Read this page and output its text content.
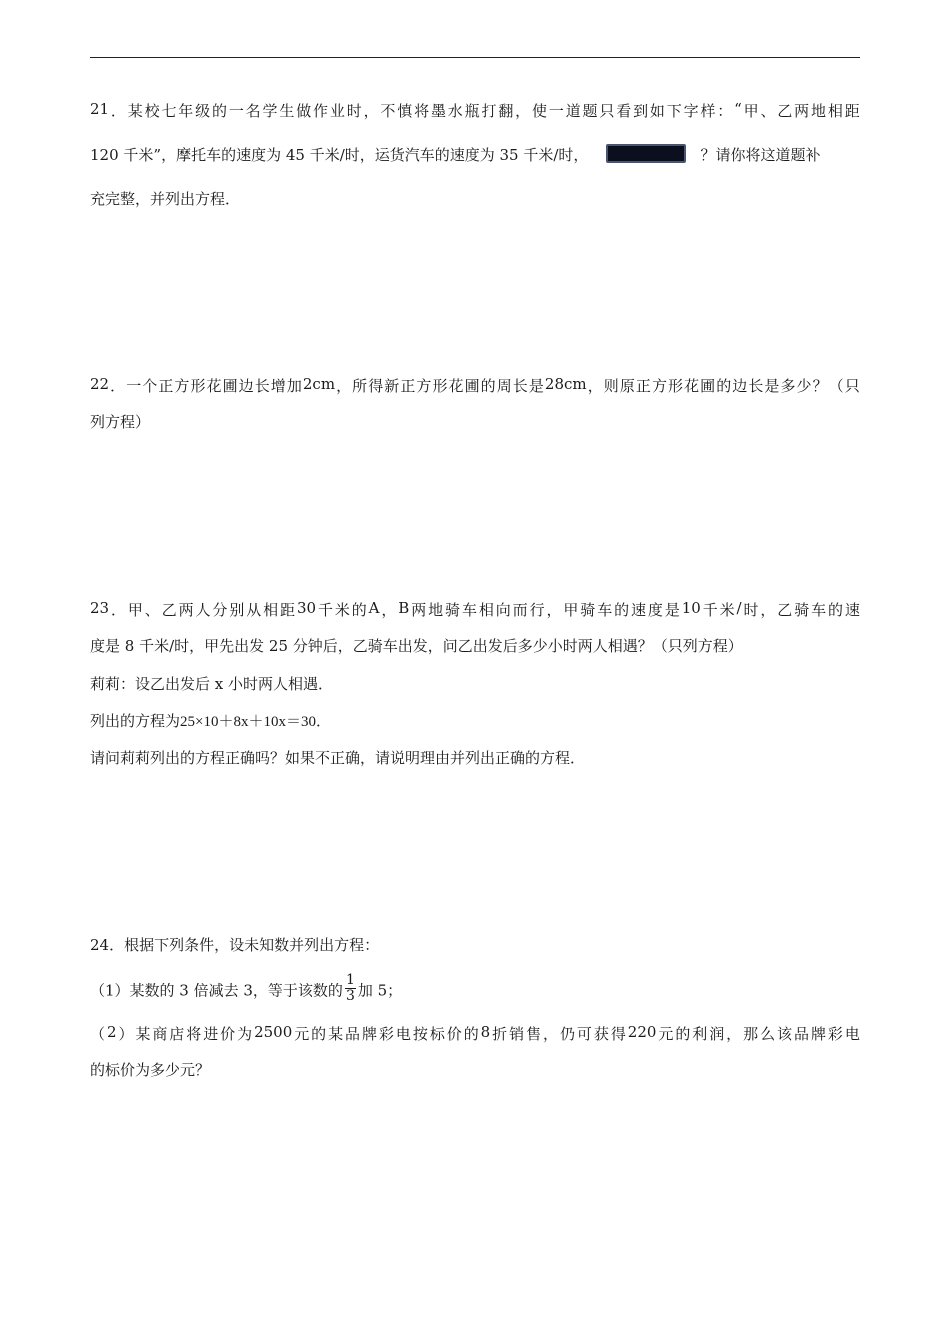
21 ． 某 校 七 年 级 的 一 名 学 生 做 作 业 时 ， 不 慎 将 墨 水 瓶 打 翻 ， 使 一 道 题 只 看 到 如 下 字 样 ： “ 甲 、 乙 两 地 相 距
120 千米”，摩托车的速度为 45 千米/时，运货汽车的速度为 35 千米/时，	？请你将这道题补
充完整，并列出方程．
22 ． 一 个 正 方 形 花 圃 边 长 增 加 2cm ， 所 得 新 正 方 形 花 圃 的 周 长 是 28cm ， 则 原 正 方 形 花 圃 的 边 长 是 多 少 ？ （ 只
列方程）
23 ． 甲 、 乙 两 人 分 别 从 相 距 30 千 米 的 A ， B 两 地 骑 车 相 向 而 行 ， 甲 骑 车 的 速 度 是 10 千 米 / 时 ， 乙 骑 车 的 速
度是 8 千米/时，甲先出发 25 分钟后，乙骑车出发，问乙出发后多少小时两人相遇？（只列方程）
莉莉：设乙出发后 x 小时两人相遇．
列出的方程为25×10＋8x＋10x＝30．
请问莉莉列出的方程正确吗？如果不正确，请说明理由并列出正确的方程．
24．根据下列条件，设未知数并列出方程：
（1）某数的 3 倍减去 3，等于该数的 $\frac{1}{3}$ 加 5；
（ 2 ） 某 商 店 将 进 价 为 2500 元 的 某 品 牌 彩 电 按 标 价 的 8 折 销 售 ， 仍 可 获 得 220 元 的 利 润 ， 那 么 该 品 牌 彩 电
的标价为多少元？
